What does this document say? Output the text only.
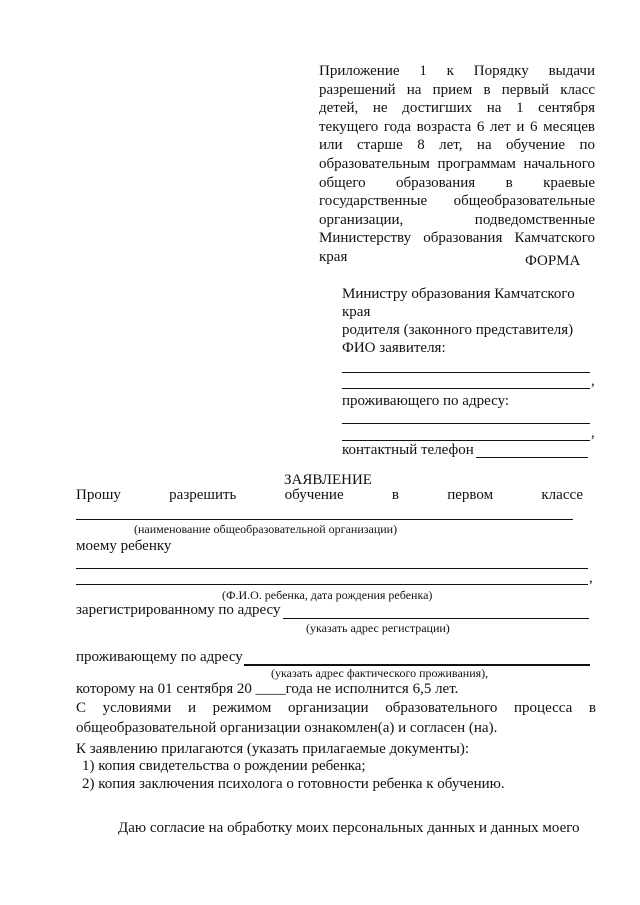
Приложение 1 к Порядку выдачи разрешений на прием в первый класс детей, не достигших на 1 сентября текущего года возраста 6 лет и 6 месяцев или старше 8 лет, на обучение по образовательным программам начального общего образования в краевые государственные общеобразовательные организации, подведомственные Министерству образования Камчатского края	ФОРМА
Министру образования Камчатского
края
родителя (законного представителя)
ФИО заявителя:
,
проживающего по адресу:
,
контактный телефон
ЗАЯВЛЕНИЕ
Прошу	разрешить	обучение	в	первом	классе
(наименование общеобразовательной организации)
моему ребенку
,
(Ф.И.О. ребенка, дата рождения ребенка)
зарегистрированному по адресу
(указать адрес регистрации)
проживающему по адресу
(указать адрес фактического проживания),
которому на 01 сентября 20 ____года не исполнится 6,5 лет.
С условиями и режимом организации образовательного процесса в общеобразовательной организации ознакомлен(а) и согласен (на).
К заявлению прилагаются (указать прилагаемые документы):
1) копия свидетельства о рождении ребенка;
2) копия заключения психолога о готовности ребенка к обучению.
Даю согласие на обработку моих персональных данных и данных моего
